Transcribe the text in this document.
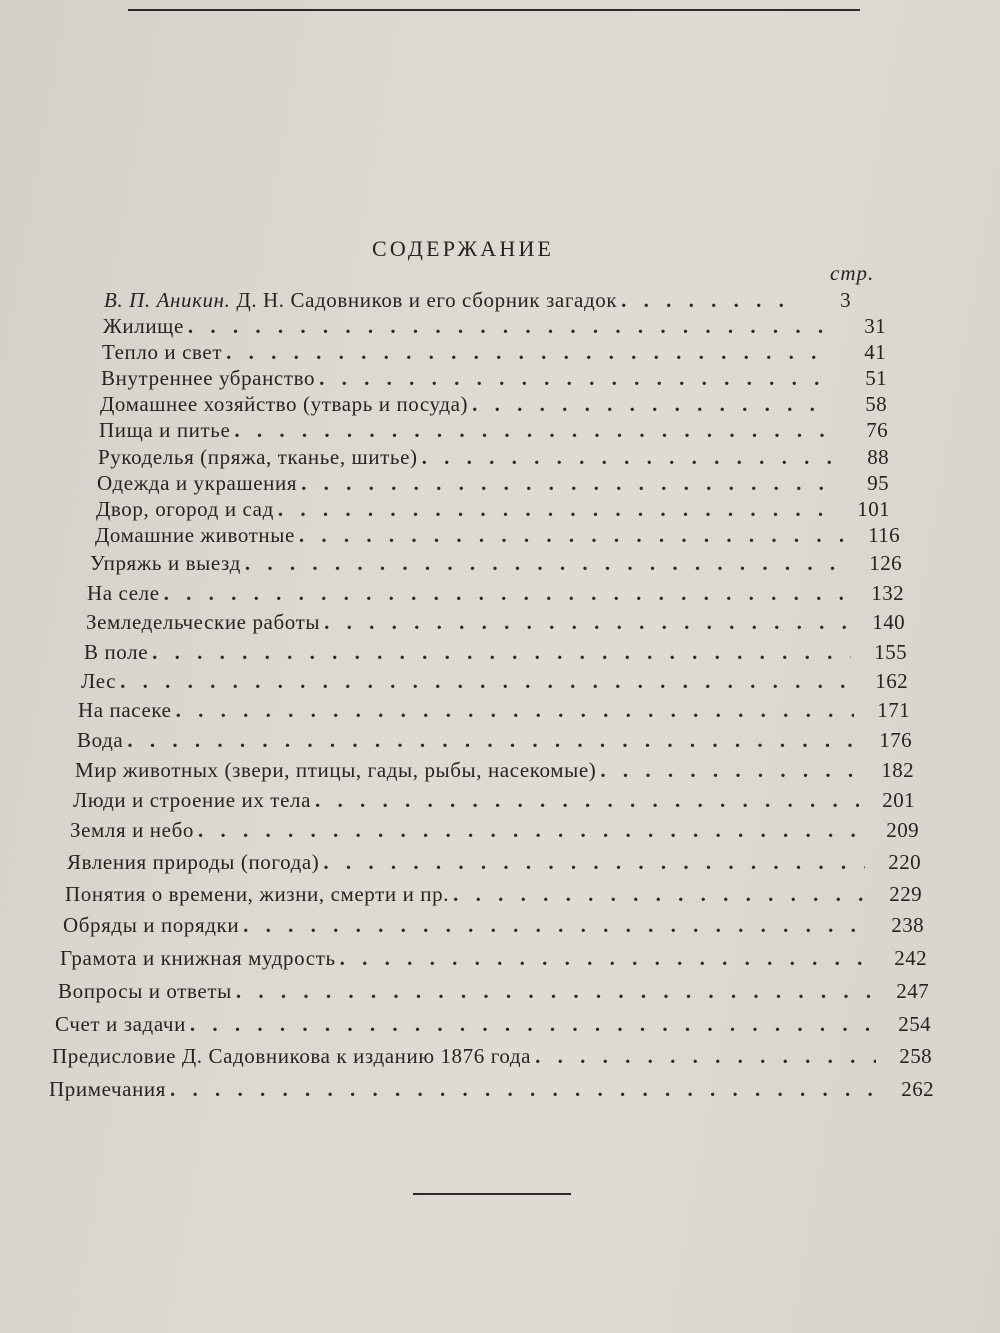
СОДЕРЖАНИЕ
стр.
В. П. Аникин. Д. Н. Садовников и его сборник загадок . . .	3
Жилище . . .	31
Тепло и свет . . .	41
Внутреннее убранство . . .	51
Домашнее хозяйство (утварь и посуда) . . .	58
Пища и питье . . .	76
Рукоделья (пряжа, тканье, шитье) . . .	88
Одежда и украшения . . .	95
Двор, огород и сад . . .	101
Домашние животные . . .	116
Упряжь и выезд . . .	126
На селе . . .	132
Земледельческие работы . . .	140
В поле . . .	155
Лес . . .	162
На пасеке . . .	171
Вода . . .	176
Мир животных (звери, птицы, гады, рыбы, насекомые) . . .	182
Люди и строение их тела . . .	201
Земля и небо . . .	209
Явления природы (погода) . . .	220
Понятия о времени, жизни, смерти и пр. . . .	229
Обряды и порядки . . .	238
Грамота и книжная мудрость . . .	242
Вопросы и ответы . . .	247
Счет и задачи . . .	254
Предисловие Д. Садовникова к изданию 1876 года . . .	258
Примечания . . .	262
